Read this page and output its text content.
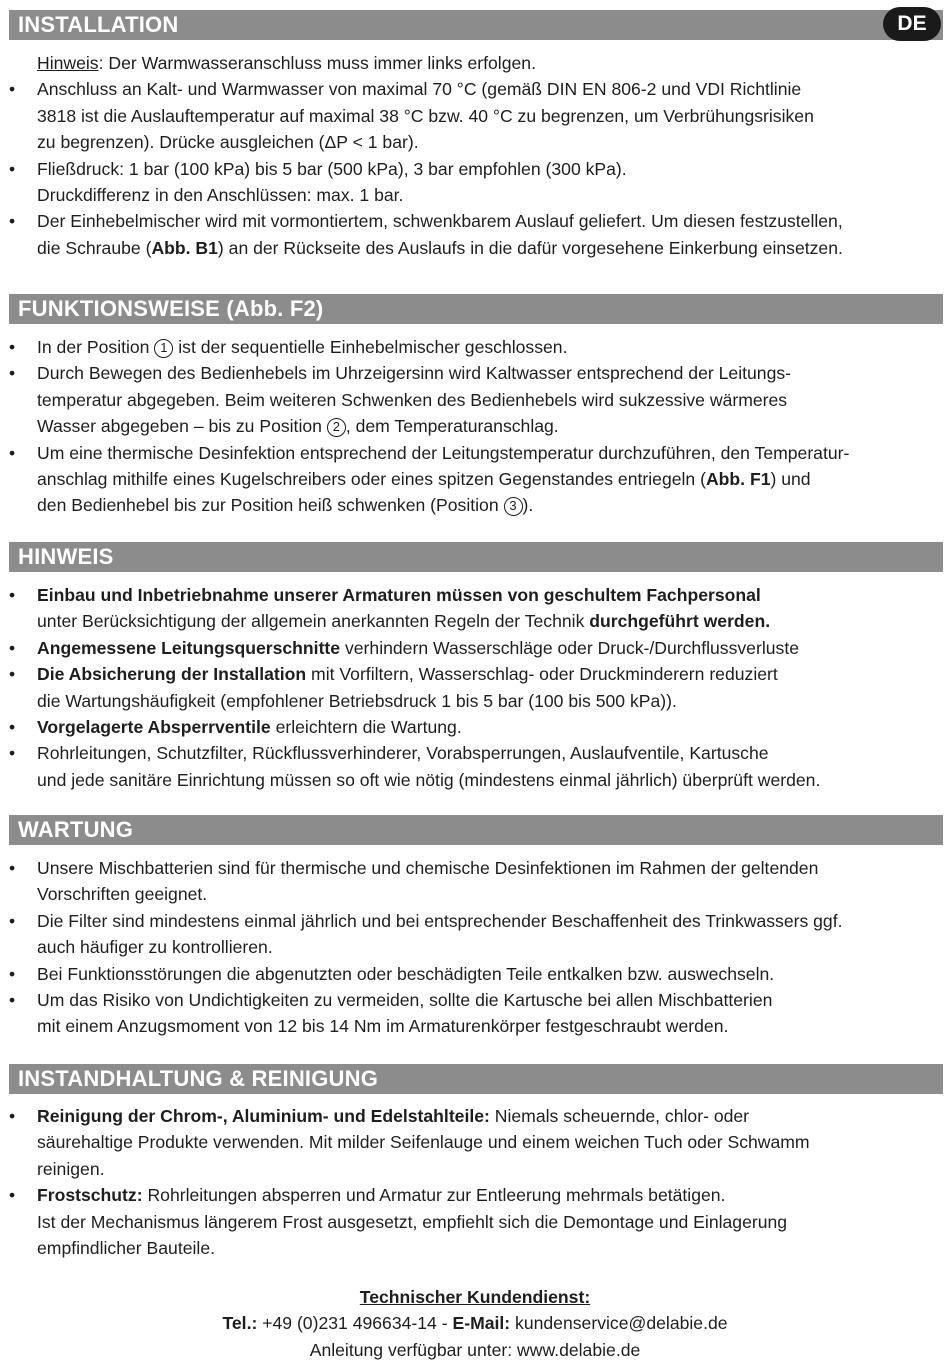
INSTALLATION	DE
Hinweis: Der Warmwasseranschluss muss immer links erfolgen.
• Anschluss an Kalt- und Warmwasser von maximal 70 °C (gemäß DIN EN 806-2 und VDI Richtlinie
3818 ist die Auslauftemperatur auf maximal 38 °C bzw. 40 °C zu begrenzen, um Verbrühungsrisiken
zu begrenzen). Drücke ausgleichen (ΔP < 1 bar).
• Fließdruck: 1 bar (100 kPa) bis 5 bar (500 kPa), 3 bar empfohlen (300 kPa).
Druckdifferenz in den Anschlüssen: max. 1 bar.
• Der Einhebelmischer wird mit vormontiertem, schwenkbarem Auslauf geliefert. Um diesen festzustellen,
die Schraube (Abb. B1) an der Rückseite des Auslaufs in die dafür vorgesehene Einkerbung einsetzen.
FUNKTIONSWEISE (Abb. F2)
• In der Position 1 ist der sequentielle Einhebelmischer geschlossen.
• Durch Bewegen des Bedienhebels im Uhrzeigersinn wird Kaltwasser entsprechend der Leitungs-
temperatur abgegeben. Beim weiteren Schwenken des Bedienhebels wird sukzessive wärmeres
Wasser abgegeben – bis zu Position 2 , dem Temperaturanschlag.
• Um eine thermische Desinfektion entsprechend der Leitungstemperatur durchzuführen, den Temperatur-
anschlag mithilfe eines Kugelschreibers oder eines spitzen Gegenstandes entriegeln (Abb. F1) und
den Bedienhebel bis zur Position heiß schwenken (Position 3 ).
HINWEIS
• Einbau und Inbetriebnahme unserer Armaturen müssen von geschultem Fachpersonal
unter Berücksichtigung der allgemein anerkannten Regeln der Technik durchgeführt werden.
• Angemessene Leitungsquerschnitte verhindern Wasserschläge oder Druck-/Durchflussverluste
• Die Absicherung der Installation mit Vorfiltern, Wasserschlag- oder Druckminderern reduziert
die Wartungshäufigkeit (empfohlener Betriebsdruck 1 bis 5 bar (100 bis 500 kPa)).
• Vorgelagerte Absperrventile erleichtern die Wartung.
• Rohrleitungen, Schutzfilter, Rückflussverhinderer, Vorabsperrungen, Auslaufventile, Kartusche
und jede sanitäre Einrichtung müssen so oft wie nötig (mindestens einmal jährlich) überprüft werden.
WARTUNG
• Unsere Mischbatterien sind für thermische und chemische Desinfektionen im Rahmen der geltenden
Vorschriften geeignet.
• Die Filter sind mindestens einmal jährlich und bei entsprechender Beschaffenheit des Trinkwassers ggf.
auch häufiger zu kontrollieren.
• Bei Funktionsstörungen die abgenutzten oder beschädigten Teile entkalken bzw. auswechseln.
• Um das Risiko von Undichtigkeiten zu vermeiden, sollte die Kartusche bei allen Mischbatterien
mit einem Anzugsmoment von 12 bis 14 Nm im Armaturenkörper festgeschraubt werden.
INSTANDHALTUNG & REINIGUNG
• Reinigung der Chrom-, Aluminium- und Edelstahlteile: Niemals scheuernde, chlor- oder
säurehaltige Produkte verwenden. Mit milder Seifenlauge und einem weichen Tuch oder Schwamm
reinigen.
• Frostschutz: Rohrleitungen absperren und Armatur zur Entleerung mehrmals betätigen.
Ist der Mechanismus längerem Frost ausgesetzt, empfiehlt sich die Demontage und Einlagerung
empfindlicher Bauteile.
Technischer Kundendienst:
Tel.: +49 (0)231 496634-14 - E-Mail: kundenservice@delabie.de
Anleitung verfügbar unter: www.delabie.de
